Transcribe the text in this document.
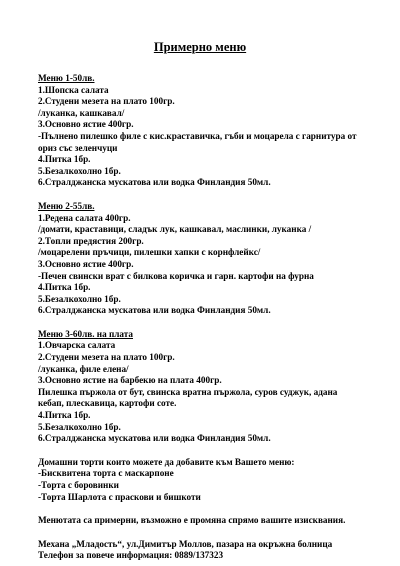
Примерно меню
Меню 1-50лв.
1.Шопска салата
2.Студени мезета на плато 100гр.
/луканка, кашкавал/
3.Основно ястие 400гр.
-Пълнено пилешко филе с кис.краставичка, гъби и моцарела с гарнитура от ориз със зеленчуци
4.Питка 1бр.
5.Безалкохолно 1бр.
6.Стралджанска мускатова или водка Финландия 50мл.
Меню 2-55лв.
1.Редена салата 400гр.
/домати, краставици, сладък лук, кашкавал, маслинки, луканка /
2.Топли предястия 200гр.
/моцарелени пръчици, пилешки хапки с корнфлейкс/
3.Основно ястие 400гр.
-Печен свински врат с билкова коричка и гарн. картофи на фурна
4.Питка 1бр.
5.Безалкохолно 1бр.
6.Стралджанска мускатова или водка Финландия 50мл.
Меню 3-60лв. на плата
1.Овчарска салата
2.Студени мезета на плато 100гр.
/луканка, филе елена/
3.Основно ястие на барбекю на плата 400гр.
Пилешка пържола от бут, свинска вратна пържола, суров суджук, адана кебап, плескавица, картофи соте.
4.Питка 1бр.
5.Безалкохолно 1бр.
6.Стралджанска мускатова или водка Финландия 50мл.
Домашни торти които можете да добавите към Вашето меню:
-Бисквитена торта с маскарпоне
-Торта с боровинки
-Торта Шарлота с праскови и бишкоти
Менютата са примерни, възможно е промяна спрямо вашите изисквания.
Механа „Младость“, ул.Димитър Моллов, пазара на окръжна болница
Телефон за повече информация: 0889/137323
